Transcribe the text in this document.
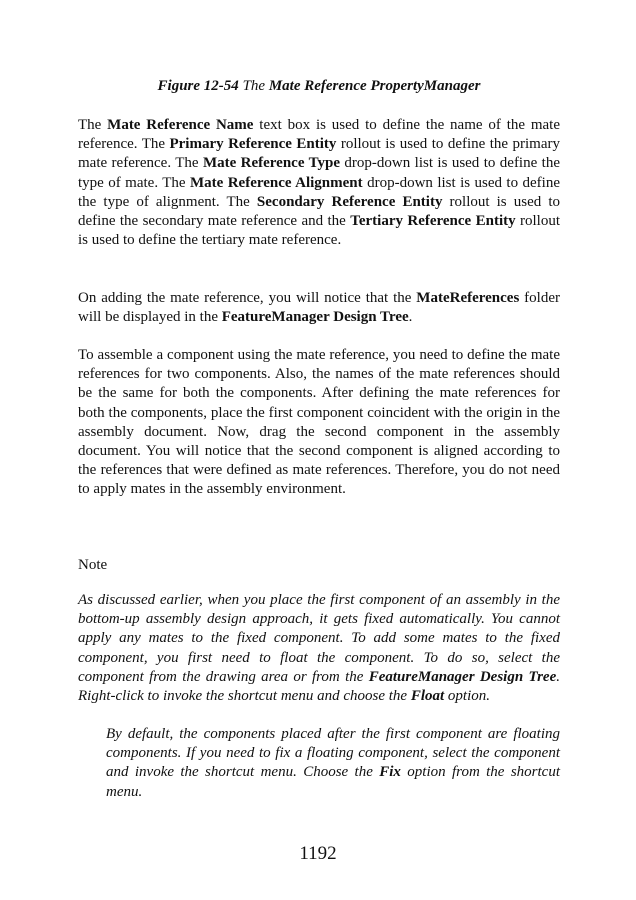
Figure 12-54 The Mate Reference PropertyManager

The Mate Reference Name text box is used to define the name of the mate reference. The Primary Reference Entity rollout is used to define the primary mate reference. The Mate Reference Type drop-down list is used to define the type of mate. The Mate Reference Alignment drop-down list is used to define the type of alignment. The Secondary Reference Entity rollout is used to define the secondary mate reference and the Tertiary Reference Entity rollout is used to define the tertiary mate reference.

On adding the mate reference, you will notice that the MateReferences folder will be displayed in the FeatureManager Design Tree.

To assemble a component using the mate reference, you need to define the mate references for two components. Also, the names of the mate references should be the same for both the components. After defining the mate references for both the components, place the first component coincident with the origin in the assembly document. Now, drag the second component in the assembly document. You will notice that the second component is aligned according to the references that were defined as mate references. Therefore, you do not need to apply mates in the assembly environment.

Note

As discussed earlier, when you place the first component of an assembly in the bottom-up assembly design approach, it gets fixed automatically. You cannot apply any mates to the fixed component. To add some mates to the fixed component, you first need to float the component. To do so, select the component from the drawing area or from the FeatureManager Design Tree. Right-click to invoke the shortcut menu and choose the Float option.

By default, the components placed after the first component are floating components. If you need to fix a floating component, select the component and invoke the shortcut menu. Choose the Fix option from the shortcut menu.

1192
